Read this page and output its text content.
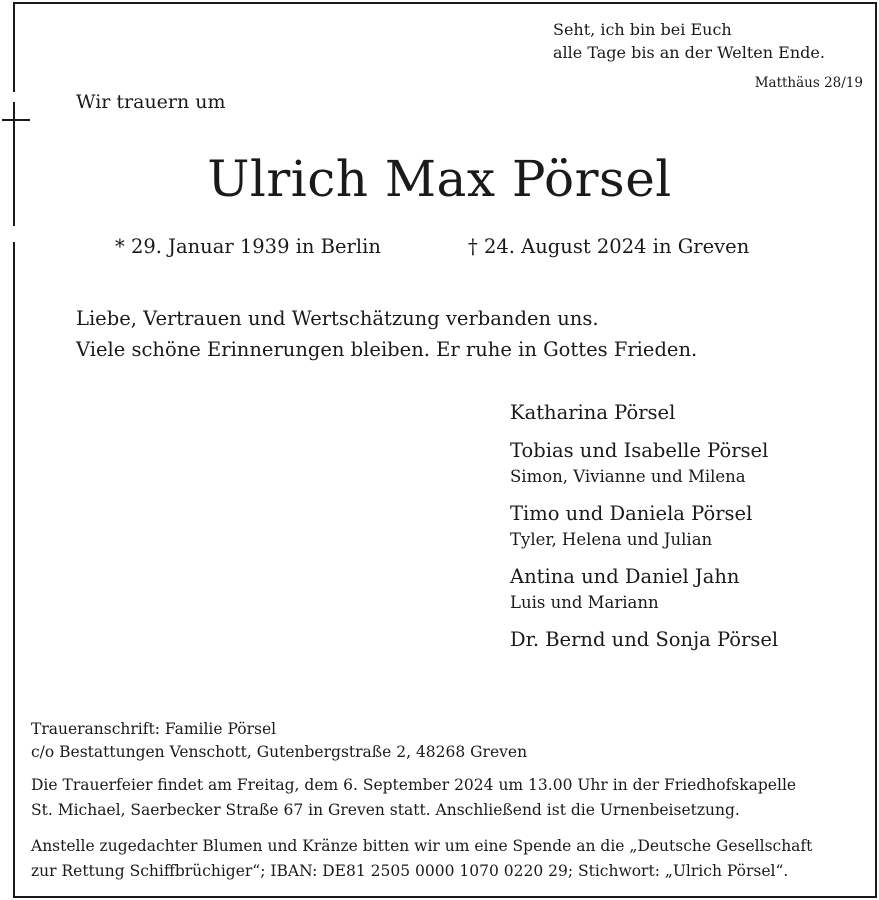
Seht, ich bin bei Euch
alle Tage bis an der Welten Ende.
Matthäus 28/19
Wir trauern um
Ulrich Max Pörsel
* 29. Januar 1939 in Berlin	† 24. August 2024 in Greven
Liebe, Vertrauen und Wertschätzung verbanden uns.
Viele schöne Erinnerungen bleiben. Er ruhe in Gottes Frieden.
Katharina Pörsel
Tobias und Isabelle Pörsel
Simon, Vivianne und Milena
Timo und Daniela Pörsel
Tyler, Helena und Julian
Antina und Daniel Jahn
Luis und Mariann
Dr. Bernd und Sonja Pörsel
Traueranschrift: Familie Pörsel
c/o Bestattungen Venschott, Gutenbergstraße 2, 48268 Greven
Die Trauerfeier findet am Freitag, dem 6. September 2024 um 13.00 Uhr in der Friedhofskapelle
St. Michael, Saerbecker Straße 67 in Greven statt. Anschließend ist die Urnenbeisetzung.
Anstelle zugedachter Blumen und Kränze bitten wir um eine Spende an die „Deutsche Gesellschaft
zur Rettung Schiffbrüchiger“; IBAN: DE81 2505 0000 1070 0220 29; Stichwort: „Ulrich Pörsel“.
